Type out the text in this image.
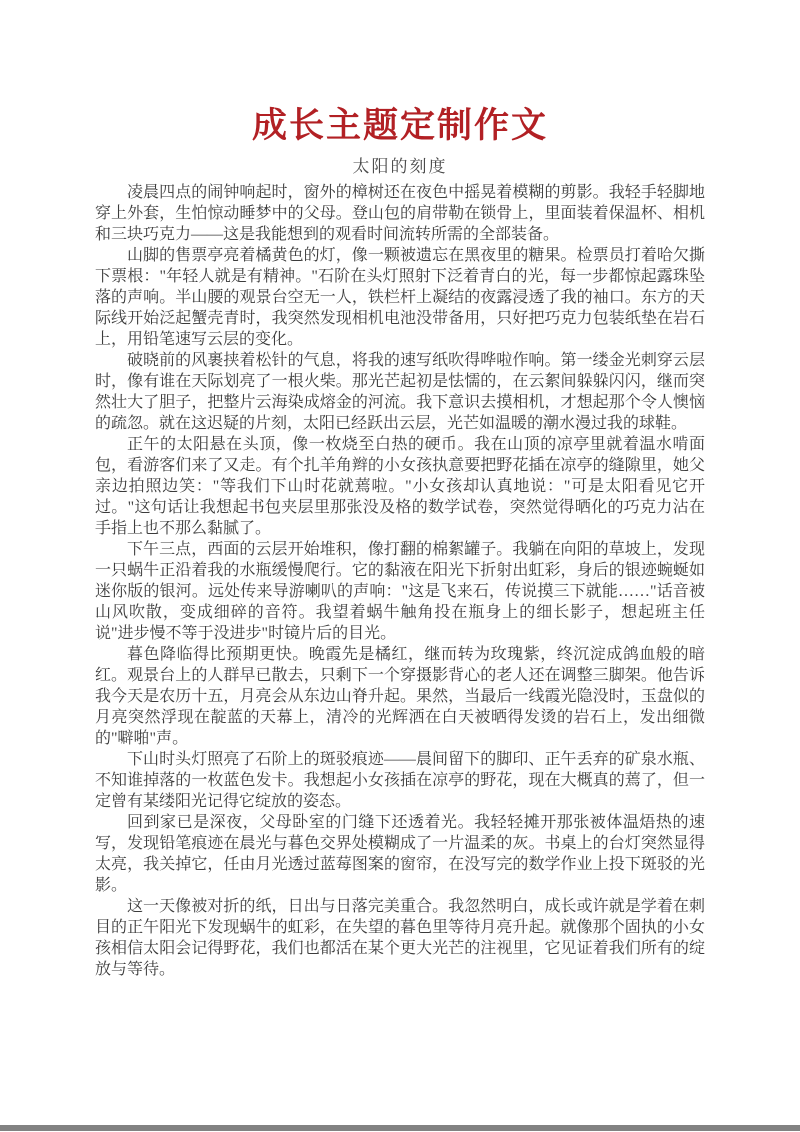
成长主题定制作文
太阳的刻度

凌晨四点的闹钟响起时，窗外的樟树还在夜色中摇晃着模糊的剪影。我轻手轻脚地穿上外套，生怕惊动睡梦中的父母。登山包的肩带勒在锁骨上，里面装着保温杯、相机和三块巧克力——这是我能想到的观看时间流转所需的全部装备。

山脚的售票亭亮着橘黄色的灯，像一颗被遗忘在黑夜里的糖果。检票员打着哈欠撕下票根："年轻人就是有精神。"石阶在头灯照射下泛着青白的光，每一步都惊起露珠坠落的声响。半山腰的观景台空无一人，铁栏杆上凝结的夜露浸透了我的袖口。东方的天际线开始泛起蟹壳青时，我突然发现相机电池没带备用，只好把巧克力包装纸垫在岩石上，用铅笔速写云层的变化。

破晓前的风裹挟着松针的气息，将我的速写纸吹得哗啦作响。第一缕金光刺穿云层时，像有谁在天际划亮了一根火柴。那光芒起初是怯懦的，在云絮间躲躲闪闪，继而突然壮大了胆子，把整片云海染成熔金的河流。我下意识去摸相机，才想起那个令人懊恼的疏忽。就在这迟疑的片刻，太阳已经跃出云层，光芒如温暖的潮水漫过我的球鞋。

正午的太阳悬在头顶，像一枚烧至白热的硬币。我在山顶的凉亭里就着温水啃面包，看游客们来了又走。有个扎羊角辫的小女孩执意要把野花插在凉亭的缝隙里，她父亲边拍照边笑："等我们下山时花就蔫啦。"小女孩却认真地说："可是太阳看见它开过。"这句话让我想起书包夹层里那张没及格的数学试卷，突然觉得晒化的巧克力沾在手指上也不那么黏腻了。

下午三点，西面的云层开始堆积，像打翻的棉絮罐子。我躺在向阳的草坡上，发现一只蜗牛正沿着我的水瓶缓慢爬行。它的黏液在阳光下折射出虹彩，身后的银迹蜿蜒如迷你版的银河。远处传来导游喇叭的声响："这是飞来石，传说摸三下就能……"话音被山风吹散，变成细碎的音符。我望着蜗牛触角投在瓶身上的细长影子，想起班主任说"进步慢不等于没进步"时镜片后的目光。

暮色降临得比预期更快。晚霞先是橘红，继而转为玫瑰紫，终沉淀成鸽血般的暗红。观景台上的人群早已散去，只剩下一个穿摄影背心的老人还在调整三脚架。他告诉我今天是农历十五，月亮会从东边山脊升起。果然，当最后一线霞光隐没时，玉盘似的月亮突然浮现在靛蓝的天幕上，清冷的光辉洒在白天被晒得发烫的岩石上，发出细微的"噼啪"声。

下山时头灯照亮了石阶上的斑驳痕迹——晨间留下的脚印、正午丢弃的矿泉水瓶、不知谁掉落的一枚蓝色发卡。我想起小女孩插在凉亭的野花，现在大概真的蔫了，但一定曾有某缕阳光记得它绽放的姿态。

回到家已是深夜，父母卧室的门缝下还透着光。我轻轻摊开那张被体温焐热的速写，发现铅笔痕迹在晨光与暮色交界处模糊成了一片温柔的灰。书桌上的台灯突然显得太亮，我关掉它，任由月光透过蓝莓图案的窗帘，在没写完的数学作业上投下斑驳的光影。

这一天像被对折的纸，日出与日落完美重合。我忽然明白，成长或许就是学着在刺目的正午阳光下发现蜗牛的虹彩，在失望的暮色里等待月亮升起。就像那个固执的小女孩相信太阳会记得野花，我们也都活在某个更大光芒的注视里，它见证着我们所有的绽放与等待。
